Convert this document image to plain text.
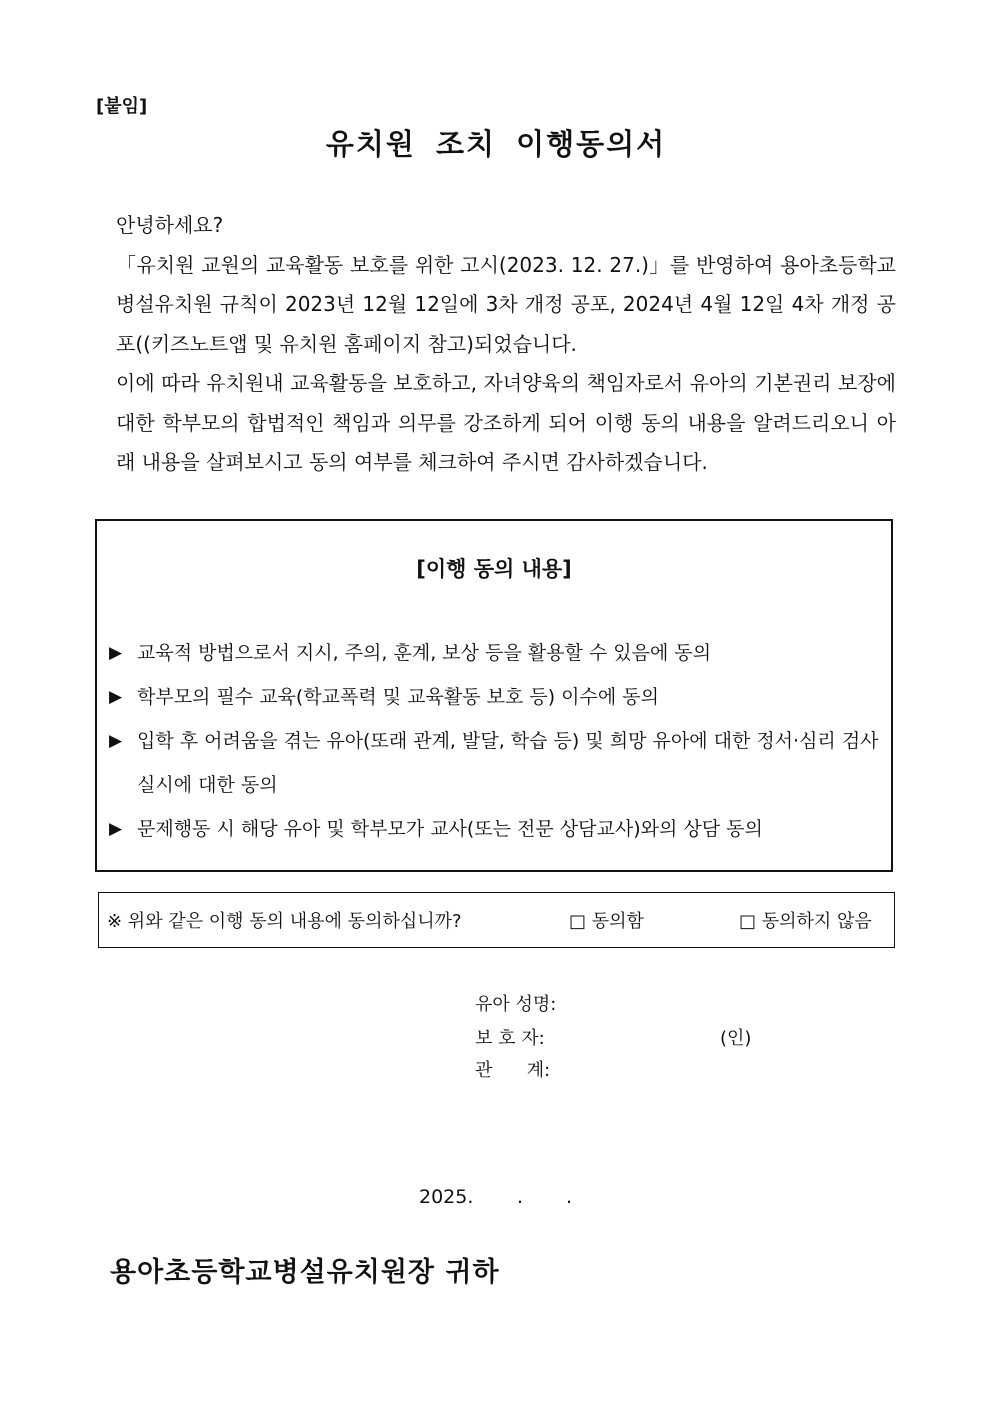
[붙임]
유치원 조치 이행동의서

안녕하세요?

「유치원 교원의 교육활동 보호를 위한 고시(2023. 12. 27.)」를 반영하여 용아초등학교병설유치원 규칙이 2023년 12월 12일에 3차 개정 공포, 2024년 4월 12일 4차 개정 공포((키즈노트앱 및 유치원 홈페이지 참고)되었습니다.

이에 따라 유치원내 교육활동을 보호하고, 자녀양육의 책임자로서 유아의 기본권리 보장에 대한 학부모의 합법적인 책임과 의무를 강조하게 되어 이행 동의 내용을 알려드리오니 아래 내용을 살펴보시고 동의 여부를 체크하여 주시면 감사하겠습니다.

[이행 동의 내용]
▶ 교육적 방법으로서 지시, 주의, 훈계, 보상 등을 활용할 수 있음에 동의
▶ 학부모의 필수 교육(학교폭력 및 교육활동 보호 등) 이수에 동의
▶ 입학 후 어려움을 겪는 유아(또래 관계, 발달, 학습 등) 및 희망 유아에 대한 정서·심리 검사 실시에 대한 동의
▶ 문제행동 시 해당 유아 및 학부모가 교사(또는 전문 상담교사)와의 상담 동의
※ 위와 같은 이행 동의 내용에 동의하십니까?	□ 동의함	□ 동의하지 않음
유아 성명:
보 호 자:	(인)
관      계:
2025. . .
용아초등학교병설유치원장 귀하
